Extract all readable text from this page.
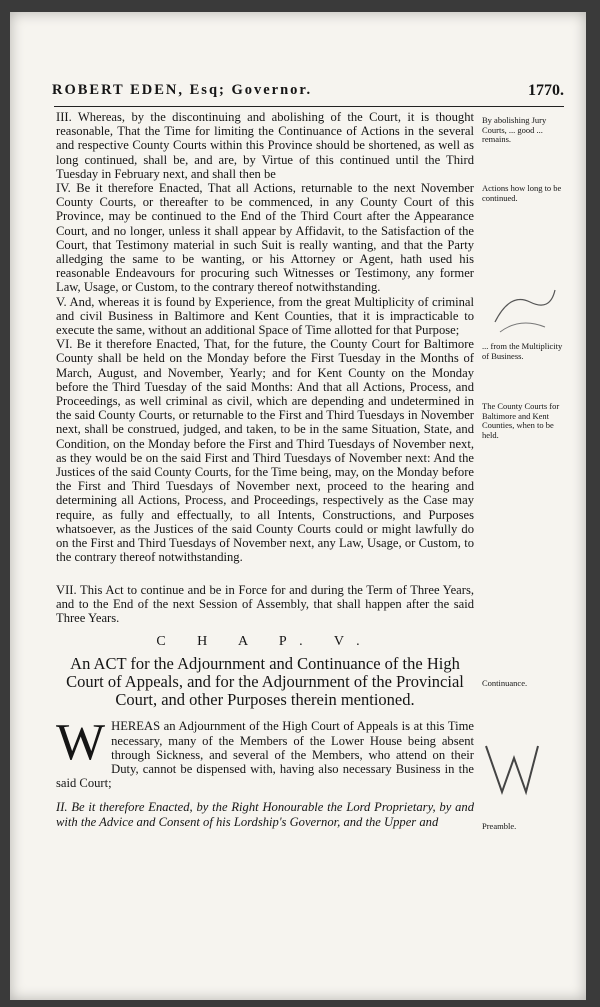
ROBERT EDEN, Esq; Governor.	1770.

III. Whereas, by the discontinuing and abolishing of the Court, it is thought reasonable, That the Time for limiting the Continuance of Actions in the several and respective County Courts within this Province should be shortened, as well as long continued, shall be, and are, by Virtue of this continued until the Third Tuesday in February next, and shall then be

IV. Be it therefore Enacted, That all Actions, returnable to the next November County Courts, or thereafter to be commenced, in any County Court of this Province, may be continued to the End of the Third Court after the Appearance Court, and no longer, unless it shall appear by Affidavit, to the Satisfaction of the Court, that Testimony material in such Suit is really wanting, and that the Party alledging the same to be wanting, or his Attorney or Agent, hath used his reasonable Endeavours for procuring such Witnesses or Testimony, any former Law, Usage, or Custom, to the contrary thereof notwithstanding.

V. And, whereas it is found by Experience, from the great Multiplicity of criminal and civil Business in Baltimore and Kent Counties, that it is impracticable to execute the same, without an additional Space of Time allotted for that Purpose;

VI. Be it therefore Enacted, That, for the future, the County Court for Baltimore County shall be held on the Monday before the First Tuesday in the Months of March, August, and November, Yearly; and for Kent County on the Monday before the Third Tuesday of the said Months: And that all Actions, Process, and Proceedings, as well criminal as civil, which are depending and undetermined in the said County Courts, or returnable to the First and Third Tuesdays in November next, shall be construed, judged, and taken, to be in the same Situation, State, and Condition, on the Monday before the First and Third Tuesdays of November next, as they would be on the said First and Third Tuesdays of November next: And the Justices of the said County Courts, for the Time being, may, on the Monday before the First and Third Tuesdays of November next, proceed to the hearing and determining all Actions, Process, and Proceedings, respectively as the Case may require, as fully and effectually, to all Intents, Constructions, and Purposes whatsoever, as the Justices of the said County Courts could or might lawfully do on the First and Third Tuesdays of November next, any Law, Usage, or Custom, to the contrary thereof notwithstanding.

VII. This Act to continue and be in Force for and during the Term of Three Years, and to the End of the next Session of Assembly, that shall happen after the said Three Years.

C H A P. V.

An ACT for the Adjournment and Continuance of the High Court of Appeals, and for the Adjournment of the Provincial Court, and other Purposes therein mentioned.

W HEREAS an Adjournment of the High Court of Appeals is at this Time necessary, many of the Members of the Lower House being absent through Sickness, and several of the Members, who attend on their Duty, cannot be dispensed with, having also necessary Business in the said Court;

II. Be it therefore Enacted, by the Right Honourable the Lord Proprietary, by and with the Advice and Consent of his Lordship's Governor, and the Upper and

By abolishing Jury Courts, ... good ... remains.
Actions how long to be continued.
... from the Multiplicity of Business.
The County Courts for Baltimore and Kent Counties, when to be held.
Continuance.
Preamble.
